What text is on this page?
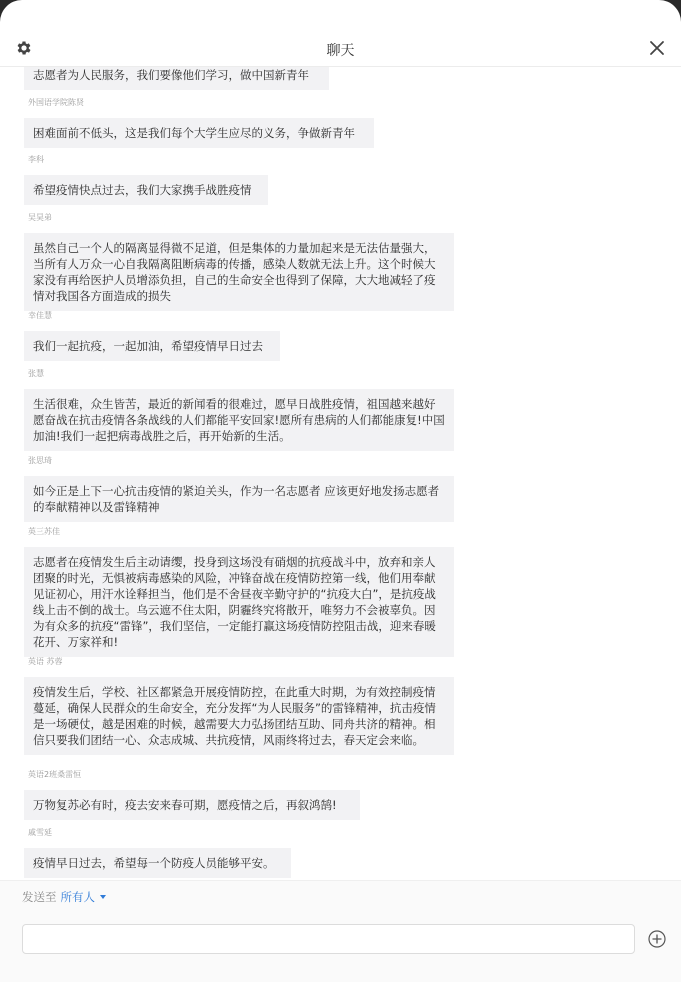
聊天
志愿者为人民服务，我们要像他们学习，做中国新青年
外国语学院陈贤
困难面前不低头，这是我们每个大学生应尽的义务，争做新青年
李科
希望疫情快点过去，我们大家携手战胜疫情
吴昊弟
虽然自己一个人的隔离显得微不足道，但是集体的力量加起来是无法估量强大，当所有人万众一心自我隔离阻断病毒的传播，感染人数就无法上升。这个时候大家没有再给医护人员增添负担，自己的生命安全也得到了保障，大大地减轻了疫情对我国各方面造成的损失
幸佳慧
我们一起抗疫，一起加油，希望疫情早日过去
张慧
生活很难，众生皆苦，最近的新闻看的很难过，愿早日战胜疫情，祖国越来越好愿奋战在抗击疫情各条战线的人们都能平安回家!愿所有患病的人们都能康复!中国加油!我们一起把病毒战胜之后，再开始新的生活。
张思琦
如今正是上下一心抗击疫情的紧迫关头，作为一名志愿者 应该更好地发扬志愿者的奉献精神以及雷锋精神
英三苏佳
志愿者在疫情发生后主动请缨，投身到这场没有硝烟的抗疫战斗中，放弃和亲人团聚的时光，无惧被病毒感染的风险，冲锋奋战在疫情防控第一线，他们用奉献见证初心，用汗水诠释担当，他们是不舍昼夜辛勤守护的“抗疫大白”，是抗疫战线上击不倒的战士。乌云遮不住太阳，阴霾终究将散开，唯努力不会被辜负。因为有众多的抗疫“雷锋”，我们坚信，一定能打赢这场疫情防控阻击战，迎来春暖花开、万家祥和!
英语 苏蓉
疫情发生后，学校、社区都紧急开展疫情防控，在此重大时期，为有效控制疫情蔓延，确保人民群众的生命安全，充分发挥“为人民服务”的雷锋精神，抗击疫情是一场硬仗，越是困难的时候，越需要大力弘扬团结互助、同舟共济的精神。相信只要我们团结一心、众志成城、共抗疫情，风雨终将过去，春天定会来临。
英语2班桑雷恒
万物复苏必有时，疫去安来春可期，愿疫情之后，再叙鸿鹄!
戚雪延
疫情早日过去，希望每一个防疫人员能够平安。
发送至 所有人
